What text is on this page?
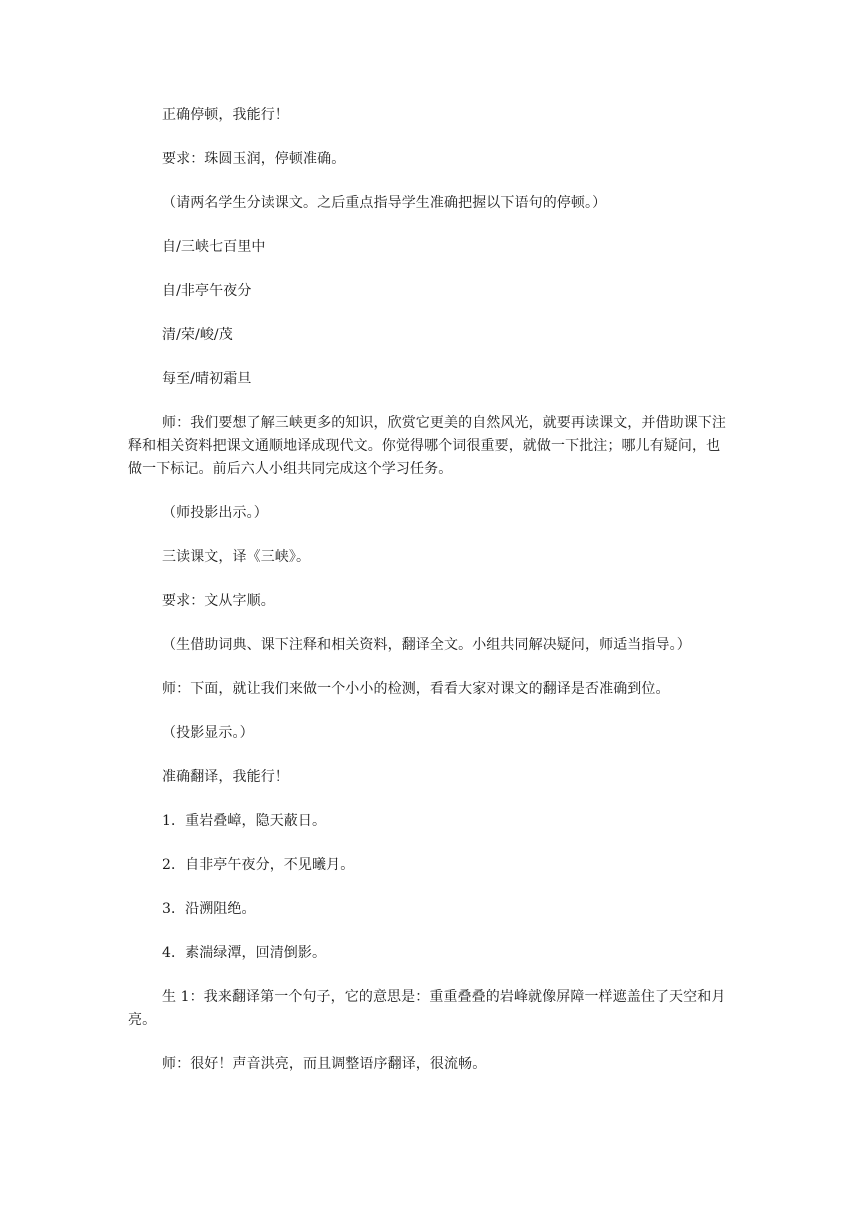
正确停顿，我能行！

要求：珠圆玉润，停顿准确。

（请两名学生分读课文。之后重点指导学生准确把握以下语句的停顿。）

自/三峡七百里中

自/非亭午夜分

清/荣/峻/茂

每至/晴初霜旦

师：我们要想了解三峡更多的知识，欣赏它更美的自然风光，就要再读课文，并借助课下注释和相关资料把课文通顺地译成现代文。你觉得哪个词很重要，就做一下批注；哪儿有疑问，也做一下标记。前后六人小组共同完成这个学习任务。

（师投影出示。）

三读课文，译《三峡》。

要求：文从字顺。

（生借助词典、课下注释和相关资料，翻译全文。小组共同解决疑问，师适当指导。）

师：下面，就让我们来做一个小小的检测，看看大家对课文的翻译是否准确到位。

（投影显示。）

准确翻译，我能行！

1．重岩叠嶂，隐天蔽日。

2．自非亭午夜分，不见曦月。

3．沿溯阻绝。

4．素湍绿潭，回清倒影。

生 1：我来翻译第一个句子，它的意思是：重重叠叠的岩峰就像屏障一样遮盖住了天空和月亮。

师：很好！声音洪亮，而且调整语序翻译，很流畅。
